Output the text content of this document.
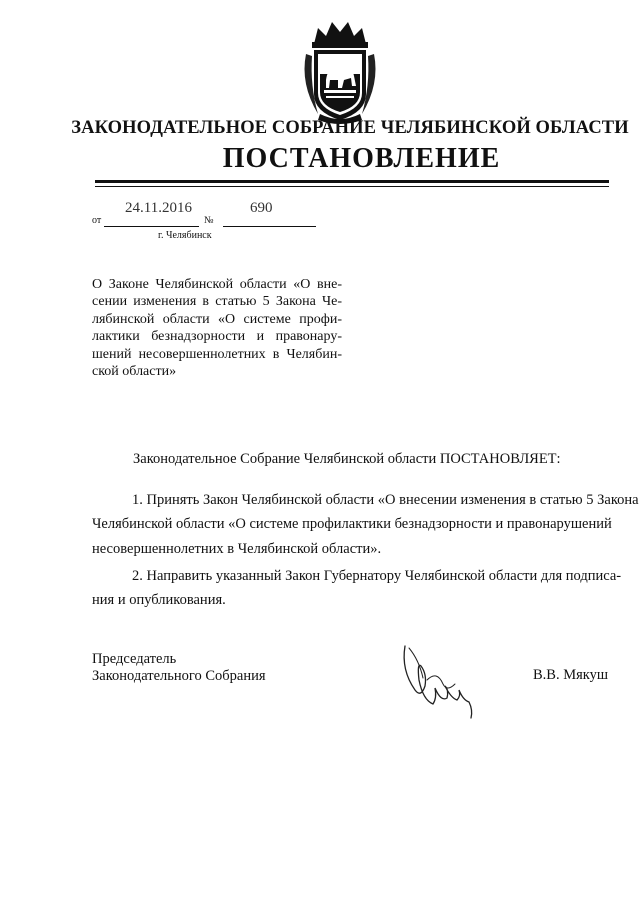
ЗАКОНОДАТЕЛЬНОЕ СОБРАНИЕ ЧЕЛЯБИНСКОЙ ОБЛАСТИ
ПОСТАНОВЛЕНИЕ
24.11.2016	690
от	№
г. Челябинск
О Законе Челябинской области «О вне-
сении изменения в статью 5 Закона Че-
лябинской области «О системе профи-
лактики безнадзорности и правонару-
шений несовершеннолетних в Челябин-
ской области»
Законодательное Собрание Челябинской области ПОСТАНОВЛЯЕТ:
1. Принять Закон Челябинской области «О внесении изменения в статью 5 Закона
Челябинской области «О системе профилактики безнадзорности и правонарушений
несовершеннолетних в Челябинской области».
2. Направить указанный Закон Губернатору Челябинской области для подписа-
ния и опубликования.
Председатель
Законодательного Собрания	В.В. Мякуш
